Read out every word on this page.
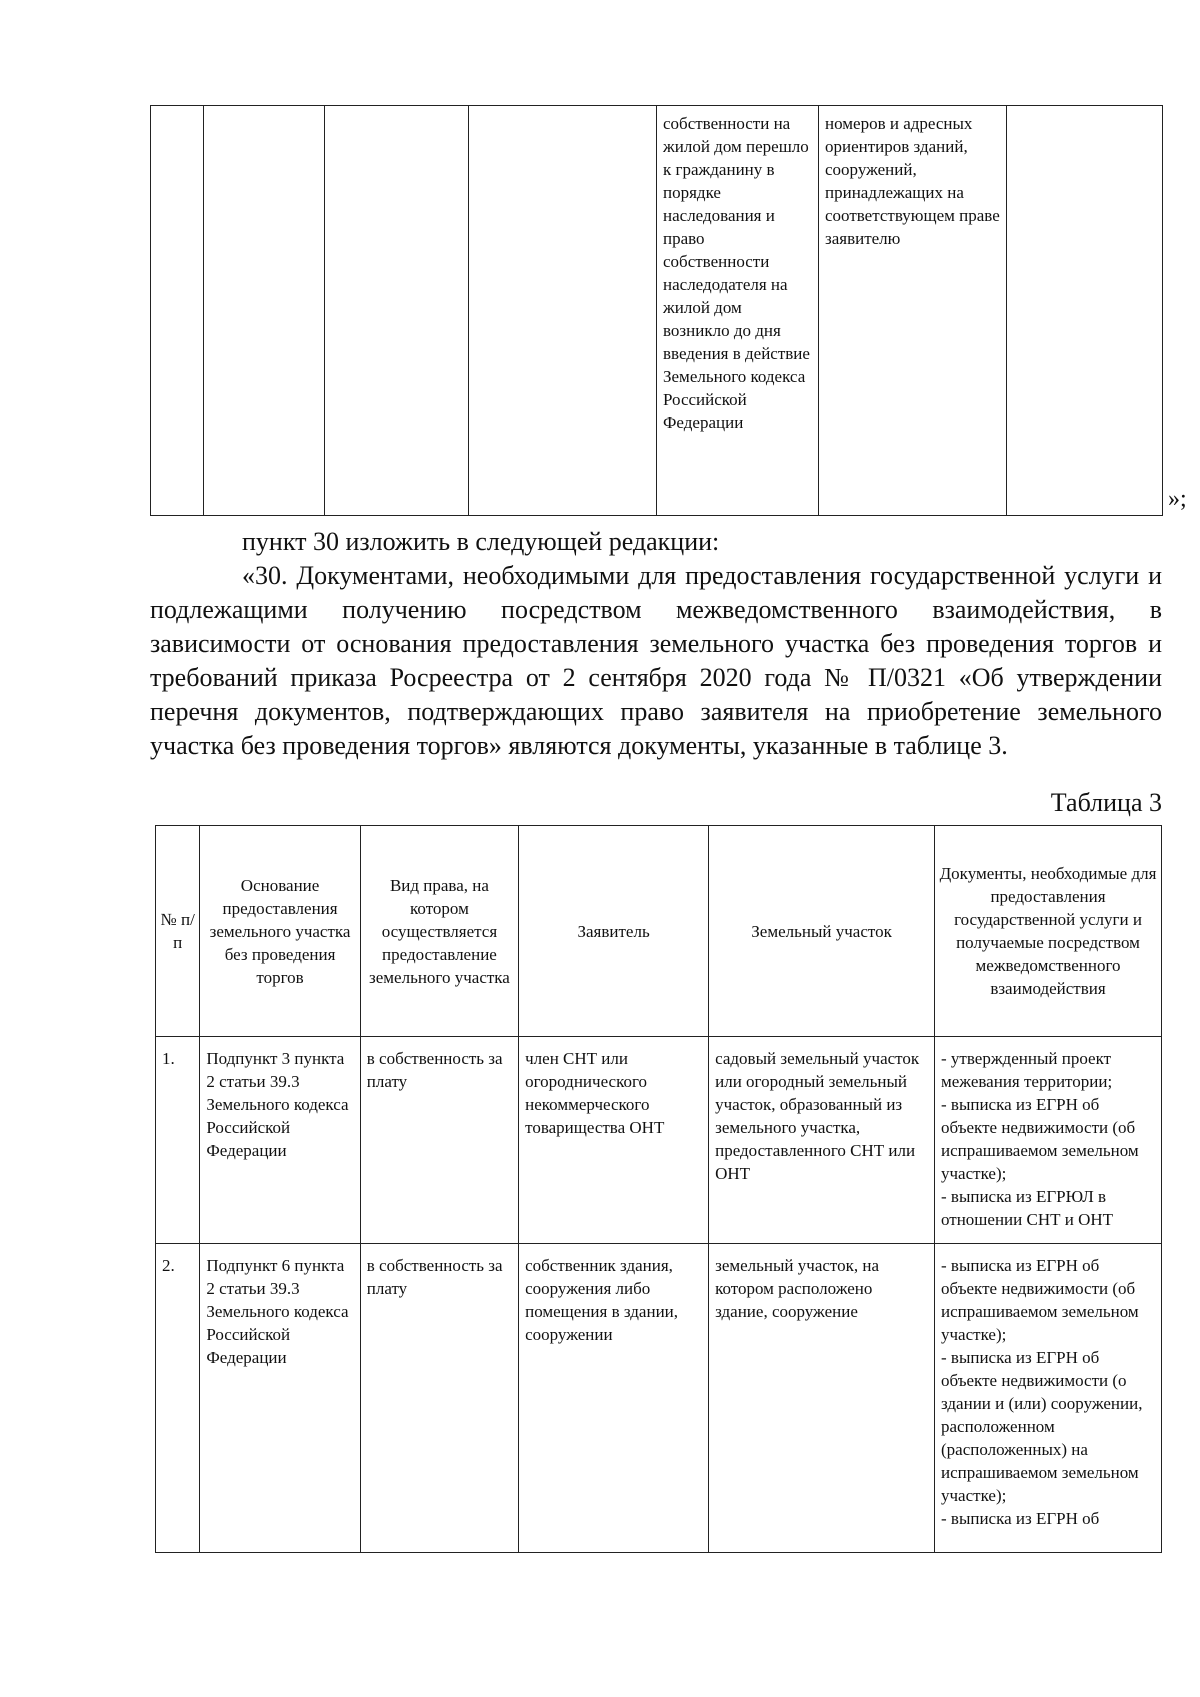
				собственности на жилой дом перешло к гражданину в порядке наследования и право собственности наследодателя на жилой дом возникло до дня введения в действие Земельного кодекса Российской Федерации	номеров и адресных ориентиров зданий, сооружений, принадлежащих на соответствующем праве заявителю	
»;
пункт 30 изложить в следующей редакции:
«30. Документами, необходимыми для предоставления государственной услуги и подлежащими получению посредством межведомственного взаимодействия, в зависимости от основания предоставления земельного участка без проведения торгов и требований приказа Росреестра от 2 сентября 2020 года № П/0321 «Об утверждении перечня документов, подтверждающих право заявителя на приобретение земельного участка без проведения торгов» являются документы, указанные в таблице 3.
Таблица 3
№ п/п	Основание предоставления земельного участка без проведения торгов	Вид права, на котором осуществляется предоставление земельного участка	Заявитель	Земельный участок	Документы, необходимые для предоставления государственной услуги и получаемые посредством межведомственного взаимодействия
1.	Подпункт 3 пункта 2 статьи 39.3 Земельного кодекса Российской Федерации	в собственность за плату	член СНТ или огороднического некоммерческого товарищества ОНТ	садовый земельный участок или огородный земельный участок, образованный из земельного участка, предоставленного СНТ или ОНТ	- утвержденный проект межевания территории;
- выписка из ЕГРН об объекте недвижимости (об испрашиваемом земельном участке);
- выписка из ЕГРЮЛ в отношении СНТ и ОНТ

2.	Подпункт 6 пункта 2 статьи 39.3 Земельного кодекса Российской Федерации	в собственность за плату	собственник здания, сооружения либо помещения в здании, сооружении	земельный участок, на котором расположено здание, сооружение	- выписка из ЕГРН об объекте недвижимости (об испрашиваемом земельном участке);
- выписка из ЕГРН об объекте недвижимости (о здании и (или) сооружении, расположенном (расположенных) на испрашиваемом земельном участке);
- выписка из ЕГРН об
